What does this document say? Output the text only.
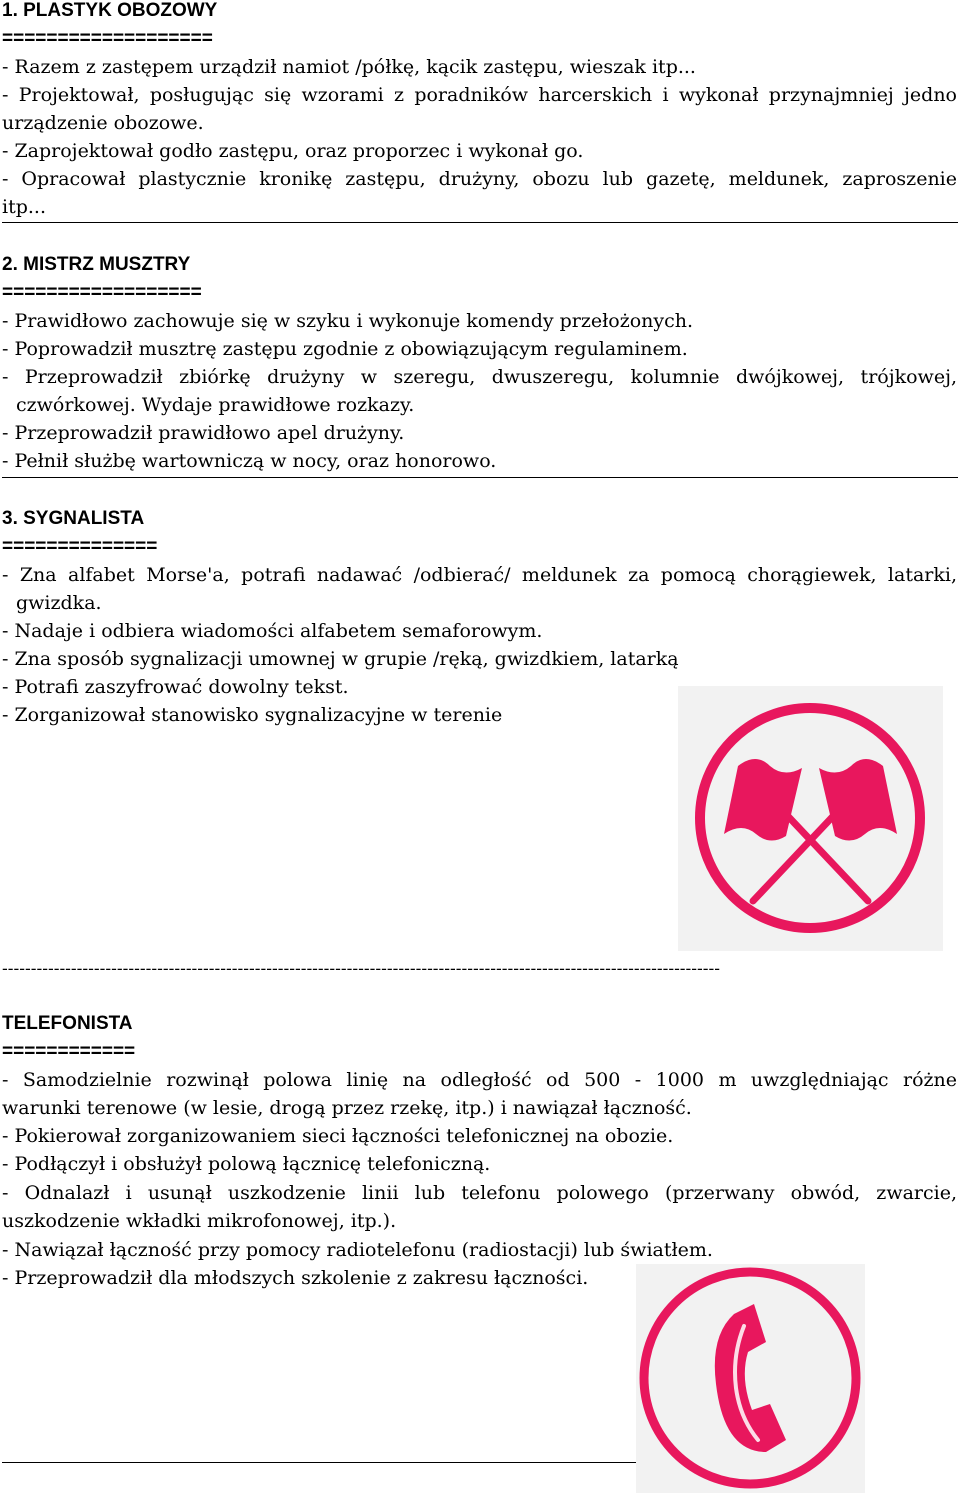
1. PLASTYK OBOZOWY
===================
- Razem z zastępem urządził namiot /półkę, kącik zastępu, wieszak itp...
- Projektował, posługując się wzorami z poradników harcerskich i wykonał przynajmniej jedno
urządzenie obozowe.
- Zaprojektował godło zastępu, oraz proporzec i wykonał go.
- Opracował plastycznie kronikę zastępu, drużyny, obozu lub gazetę, meldunek, zaproszenie
itp...
2. MISTRZ MUSZTRY
==================
- Prawidłowo zachowuje się w szyku i wykonuje komendy przełożonych.
- Poprowadził musztrę zastępu zgodnie z obowiązującym regulaminem.
- Przeprowadził zbiórkę drużyny w szeregu, dwuszeregu, kolumnie dwójkowej, trójkowej,
czwórkowej. Wydaje prawidłowe rozkazy.
- Przeprowadził prawidłowo apel drużyny.
- Pełnił służbę wartowniczą w nocy, oraz honorowo.
3. SYGNALISTA
==============
- Zna alfabet Morse'a, potrafi nadawać /odbierać/ meldunek za pomocą chorągiewek, latarki,
gwizdka.
- Nadaje i odbiera wiadomości alfabetem semaforowym.
- Zna sposób sygnalizacji umownej w grupie /ręką, gwizdkiem, latarką
- Potrafi zaszyfrować dowolny tekst.
- Zorganizował stanowisko sygnalizacyjne w terenie
-----------------------------------------------------------------------------------------------------------------------------
TELEFONISTA
============
- Samodzielnie rozwinął polowa linię na odległość od 500 - 1000 m uwzględniając różne
warunki terenowe (w lesie, drogą przez rzekę, itp.) i nawiązał łączność.
- Pokierował zorganizowaniem sieci łączności telefonicznej na obozie.
- Podłączył i obsłużył polową łącznicę telefoniczną.
- Odnalazł i usunął uszkodzenie linii lub telefonu polowego (przerwany obwód, zwarcie,
uszkodzenie wkładki mikrofonowej, itp.).
- Nawiązał łączność przy pomocy radiotelefonu (radiostacji) lub światłem.
- Przeprowadził dla młodszych szkolenie z zakresu łączności.
